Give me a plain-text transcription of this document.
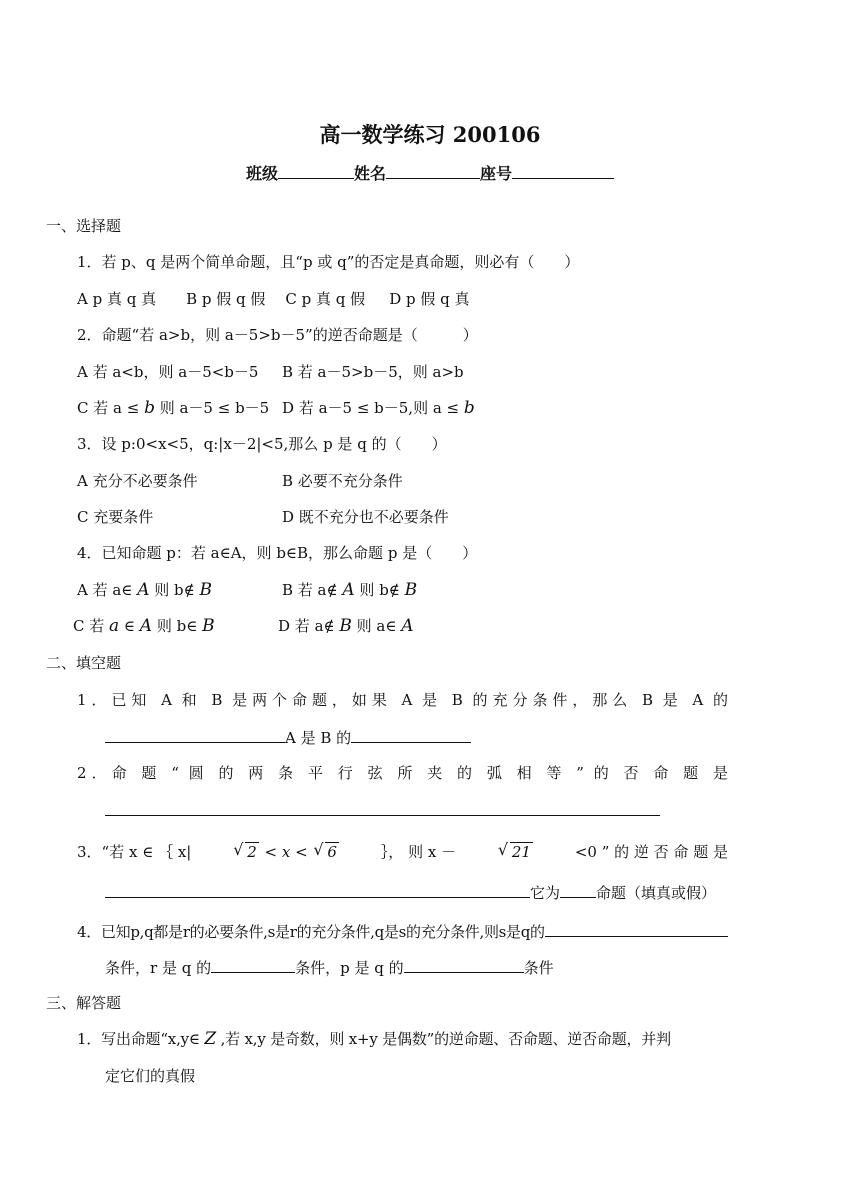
高一数学练习 200106
班级	姓名	座号
一、选择题
1．若 p、q 是两个简单命题，且“p 或 q”的否定是真命题，则必有（　　）
A p 真 q 真 B p 假 q 假 C p 真 q 假 D p 假 q 真
2．命题“若 a>b，则 a－5>b－5”的逆否命题是（　　　）
A 若 a<b，则 a－5<b－5 B 若 a－5>b－5，则 a>b
C 若 a ≤ b 则 a－5 ≤ b－5 D 若 a－5 ≤ b－5,则 a ≤ b
3．设 p:0<x<5，q:|x－2|<5,那么 p 是 q 的（　　）
A 充分不必要条件	B 必要不充分条件
C 充要条件	D 既不充分也不必要条件
4．已知命题 p：若 a∈A，则 b∈B，那么命题 p 是（　　）
A 若 a∈ A 则 b∉ B	B 若 a∉ A 则 b∉ B
C 若 a ∈ A 则 b∈ B	D 若 a∉ B 则 a∈ A
二、填空题
1．已知 A 和 B 是两个命题，如果 A 是 B 的充分条件，那么 B 是 A 的
A 是 B 的
2．命 题 “ 圆 的 两 条 平 行 弦 所 夹 的 弧 相 等 ” 的 否 命 题 是
3．“若 x ∈ ｛ x|	√ 2 < x < √ 6	｝， 则 x －	√ 21	<0 ” 的 逆 否 命 题 是
它为 命题（填真或假）
4．已知p,q都是r的必要条件,s是r的充分条件,q是s的充分条件,则s是q的
条件，r 是 q 的	条件，p 是 q 的	条件
三、解答题
1．写出命题“x,y∈ Z ,若 x,y 是奇数，则 x+y 是偶数”的逆命题、否命题、逆否命题，并判
定它们的真假
